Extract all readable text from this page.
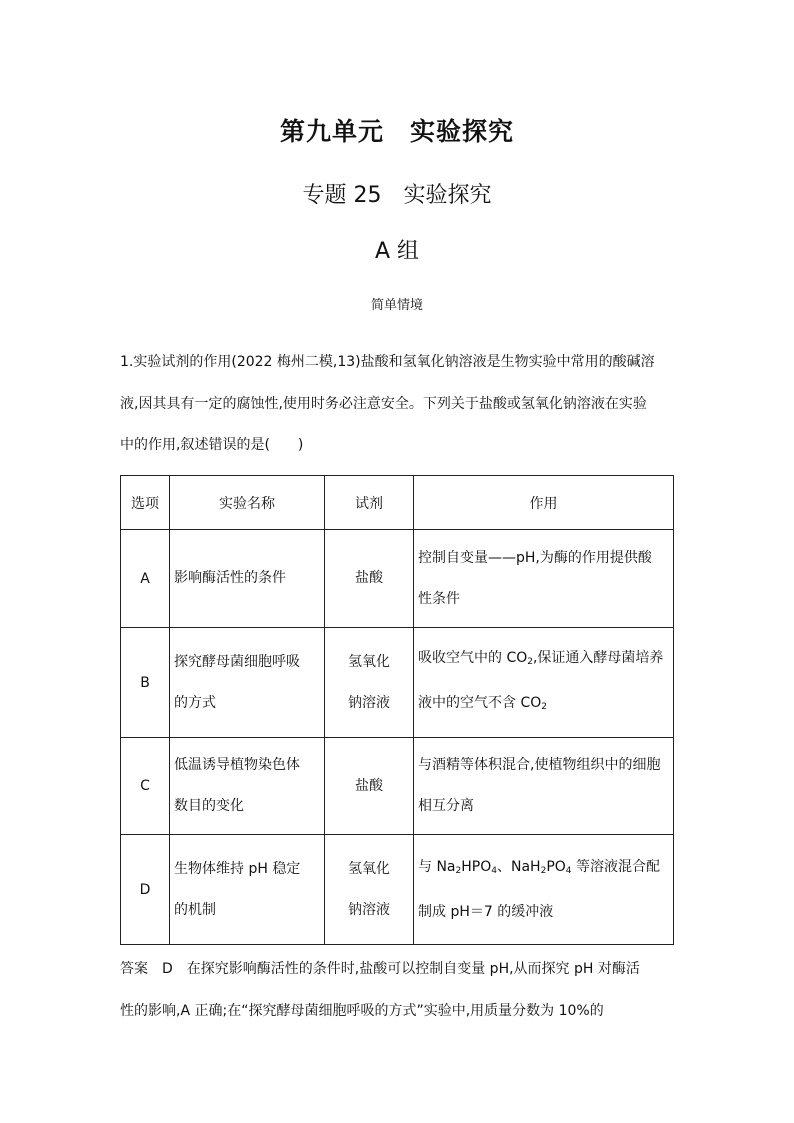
第九单元　实验探究
专题 25　实验探究
A 组
简单情境
1.实验试剂的作用(2022 梅州二模,13)盐酸和氢氧化钠溶液是生物实验中常用的酸碱溶
液,因其具有一定的腐蚀性,使用时务必注意安全。下列关于盐酸或氢氧化钠溶液在实验
中的作用,叙述错误的是(　　)
选项	实验名称	试剂	作用
A	影响酶活性的条件	盐酸	控制自变量——pH,为酶的作用提供酸
性条件

B	探究酵母菌细胞呼吸
的方式	氢氧化
钠溶液	吸收空气中的 $CO_2$,保证通入酵母菌培养
液中的空气不含 $CO_2$

C	低温诱导植物染色体
数目的变化	盐酸	与酒精等体积混合,使植物组织中的细胞
相互分离

D	生物体维持 pH 稳定
的机制	氢氧化
钠溶液	与 $Na_2HPO_4$、$NaH_2PO_4$ 等溶液混合配
制成 pH＝7 的缓冲液
答案　D　在探究影响酶活性的条件时,盐酸可以控制自变量 pH,从而探究 pH 对酶活
性的影响,A 正确;在“探究酵母菌细胞呼吸的方式”实验中,用质量分数为 10%的
